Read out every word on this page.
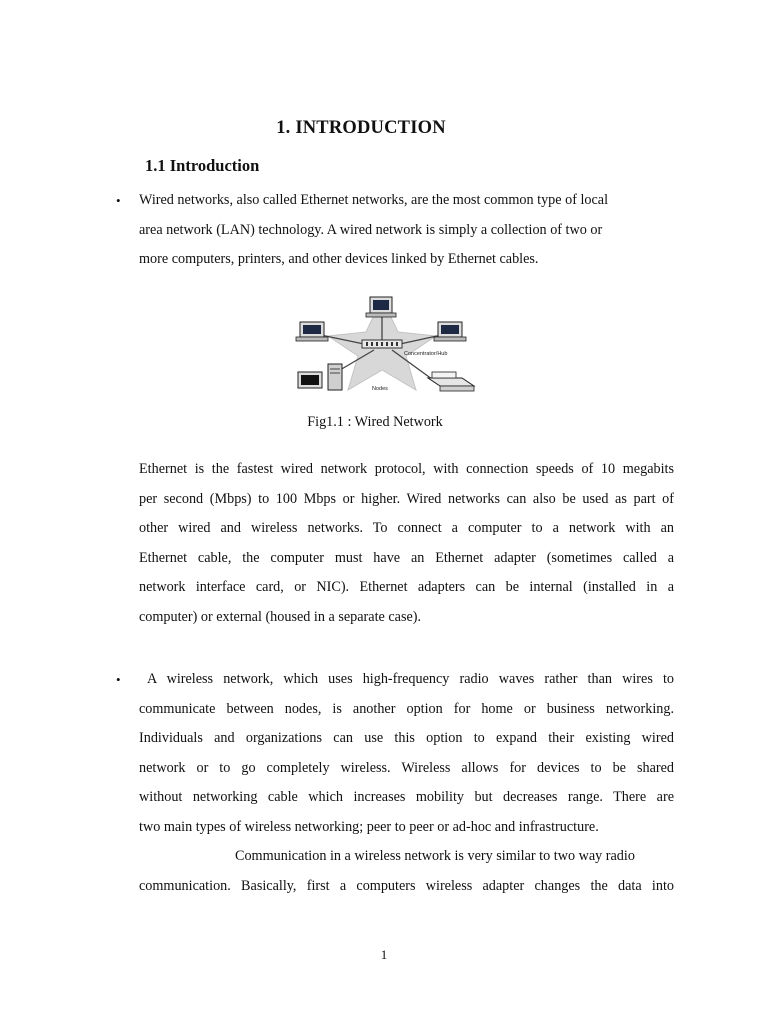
1. INTRODUCTION
1.1 Introduction
• Wired networks, also called Ethernet networks, are the most common type of local
area network (LAN) technology. A wired network is simply a collection of two or
more computers, printers, and other devices linked by Ethernet cables.
Concentrator/Hub
Nodes
Fig1.1 : Wired Network
Ethernet is the fastest wired network protocol, with connection speeds of 10 megabits
per second (Mbps) to 100 Mbps or higher. Wired networks can also be used as part of
other wired and wireless networks. To connect a computer to a network with an
Ethernet cable, the computer must have an Ethernet adapter (sometimes called a
network interface card, or NIC). Ethernet adapters can be internal (installed in a
computer) or external (housed in a separate case).
•	A wireless network, which uses high-frequency radio waves rather than wires to
communicate between nodes, is another option for home or business networking.
Individuals and organizations can use this option to expand their existing wired
network or to go completely wireless. Wireless allows for devices to be shared
without networking cable which increases mobility but decreases range. There are
two main types of wireless networking; peer to peer or ad-hoc and infrastructure.
Communication in a wireless network is very similar to two way radio
communication. Basically, first a computers wireless adapter changes the data into
1
